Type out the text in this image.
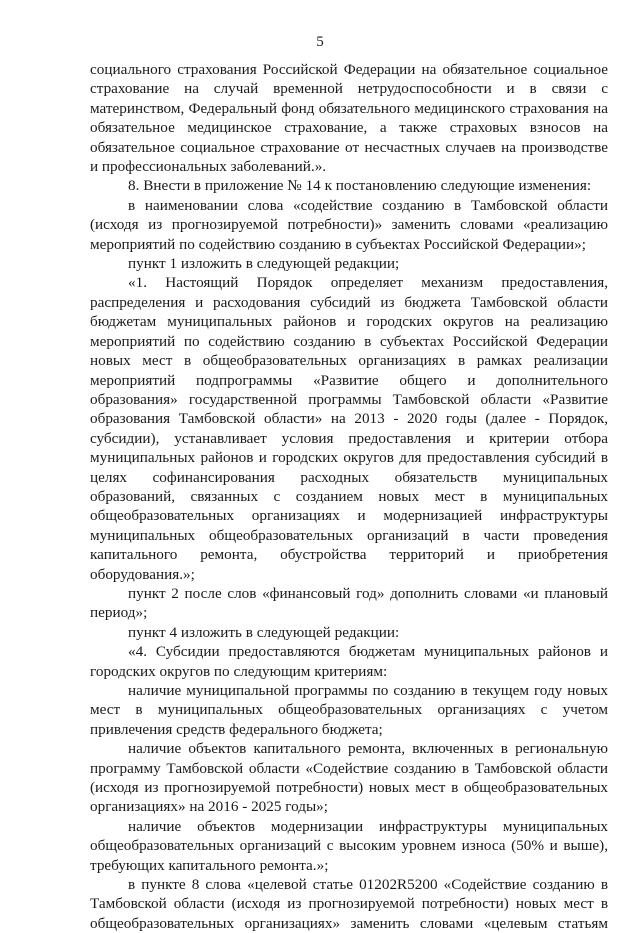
5

социального страхования Российской Федерации на обязательное социальное страхование на случай временной нетрудоспособности и в связи с материнством, Федеральный фонд обязательного медицинского страхования на обязательное медицинское страхование, а также страховых взносов на обязательное социальное страхование от несчастных случаев на производстве и профессиональных заболеваний.».

8. Внести в приложение № 14 к постановлению следующие изменения:

в наименовании слова «содействие созданию в Тамбовской области (исходя из прогнозируемой потребности)» заменить словами «реализацию мероприятий по содействию созданию в субъектах Российской Федерации»;

пункт 1 изложить в следующей редакции;

«1. Настоящий Порядок определяет механизм предоставления, распределения и расходования субсидий из бюджета Тамбовской области бюджетам муниципальных районов и городских округов на реализацию мероприятий по содействию созданию в субъектах Российской Федерации новых мест в общеобразовательных организациях в рамках реализации мероприятий подпрограммы «Развитие общего и дополнительного образования» государственной программы Тамбовской области «Развитие образования Тамбовской области» на 2013 - 2020 годы (далее - Порядок, субсидии), устанавливает условия предоставления и критерии отбора муниципальных районов и городских округов для предоставления субсидий в целях софинансирования расходных обязательств муниципальных образований, связанных с созданием новых мест в муниципальных общеобразовательных организациях и модернизацией инфраструктуры муниципальных общеобразовательных организаций в части проведения капитального ремонта, обустройства территорий и приобретения оборудования.»;

пункт 2 после слов «финансовый год» дополнить словами «и плановый период»;

пункт 4 изложить в следующей редакции:

«4. Субсидии предоставляются бюджетам муниципальных районов и городских округов по следующим критериям:

наличие муниципальной программы по созданию в текущем году новых мест в муниципальных общеобразовательных организациях с учетом привлечения средств федерального бюджета;

наличие объектов капитального ремонта, включенных в региональную программу Тамбовской области «Содействие созданию в Тамбовской области (исходя из прогнозируемой потребности) новых мест в общеобразовательных организациях» на 2016 - 2025 годы»;

наличие объектов модернизации инфраструктуры муниципальных общеобразовательных организаций с высоким уровнем износа (50% и выше), требующих капитального ремонта.»;

в пункте 8 слова «целевой статье 01202R5200 «Содействие созданию в Тамбовской области (исходя из прогнозируемой потребности) новых мест в общеобразовательных организациях» заменить словами «целевым статьям
